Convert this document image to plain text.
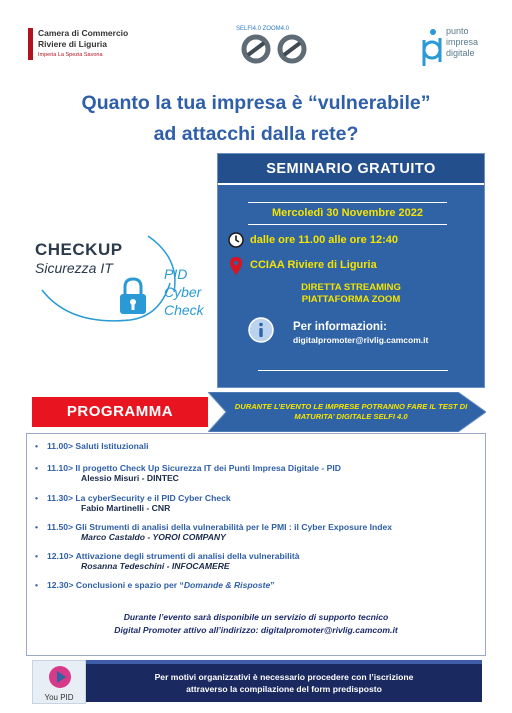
Camera di Commercio
Riviere di Liguria
Imperia La Spezia Savona
SELFI4.0 ZOOM4.0	punto
impresa
digitale
Quanto la tua impresa è “vulnerabile”
ad attacchi dalla rete?
CHECKUP
Sicurezza IT	PID
Cyber
Check
SEMINARIO GRATUITO
Mercoledì 30 Novembre 2022
dalle ore 11.00 alle ore 12:40
CCIAA Riviere di Liguria
DIRETTA STREAMING
PIATTAFORMA ZOOM
Per informazioni:
digitalpromoter@rivlig.camcom.it
PROGRAMMA	DURANTE L’EVENTO LE IMPRESE POTRANNO FARE IL TEST DI MATURITA’ DIGITALE SELFI 4.0
• 11.00> Saluti Istituzionali
• 11.10> Il progetto Check Up Sicurezza IT dei Punti Impresa Digitale - PID
Alessio Misuri - DINTEC
• 11.30> La cyberSecurity e il PID Cyber Check
Fabio Martinelli - CNR
• 11.50> Gli Strumenti di analisi della vulnerabilità per le PMI : il Cyber Exposure Index
Marco Castaldo - YOROI COMPANY
• 12.10> Attivazione degli strumenti di analisi della vulnerabilità
Rosanna Tedeschini - INFOCAMERE
• 12.30> Conclusioni e spazio per “Domande & Risposte”
Durante l’evento sarà disponibile un servizio di supporto tecnico
Digital Promoter attivo all’indirizzo: digitalpromoter@rivlig.camcom.it
You PID
Per motivi organizzativi è necessario procedere con l’iscrizione
attraverso la compilazione del form predisposto
